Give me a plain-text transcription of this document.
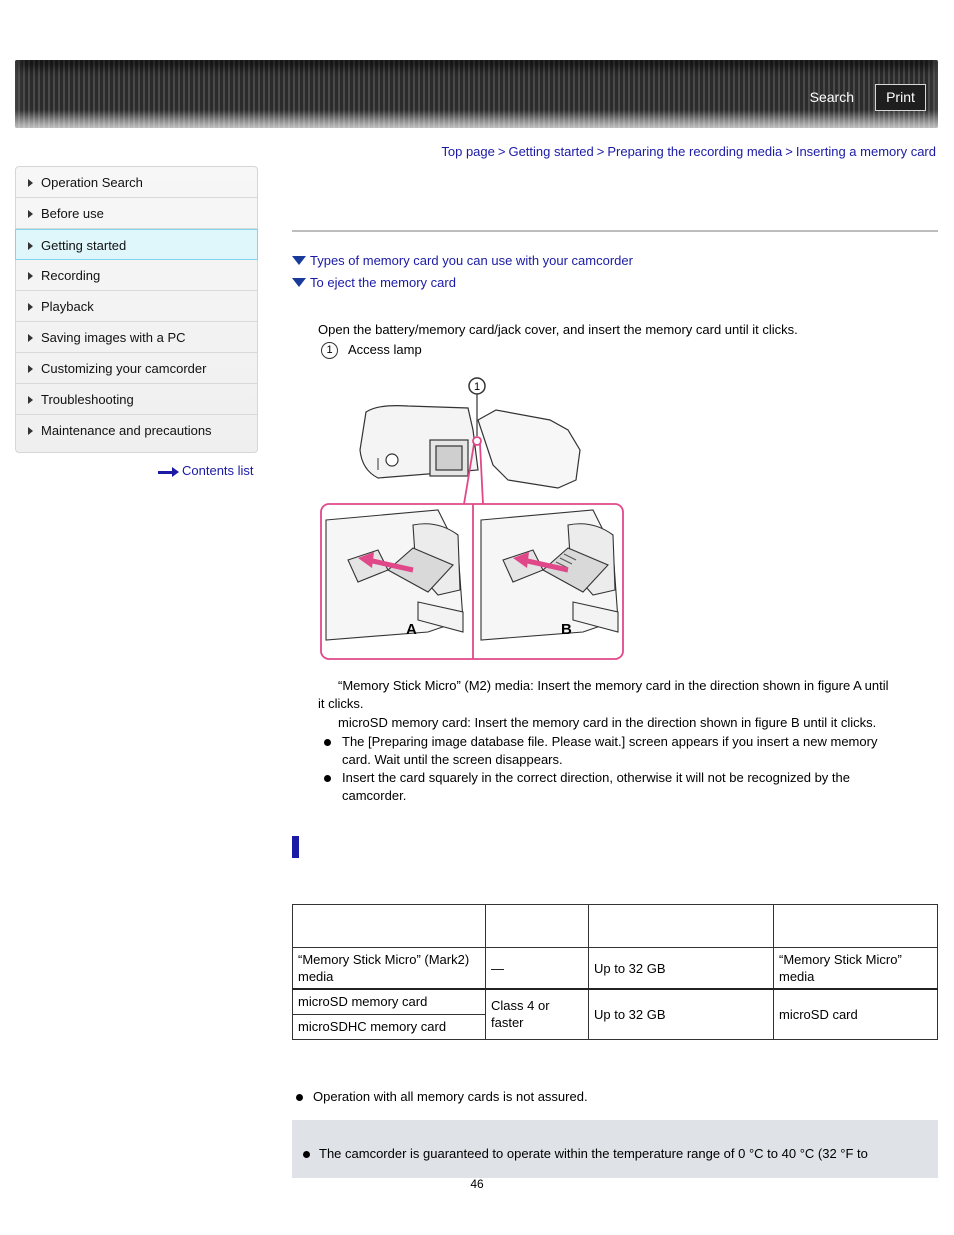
Search	Print
Top page > Getting started > Preparing the recording media > Inserting a memory card
Operation Search
Before use
Getting started
Recording
Playback
Saving images with a PC
Customizing your camcorder
Troubleshooting
Maintenance and precautions
Contents list
Types of memory card you can use with your camcorder
To eject the memory card
Open the battery/memory card/jack cover, and insert the memory card until it clicks.
1 Access lamp
1
A	B
“Memory Stick Micro” (M2) media: Insert the memory card in the direction shown in figure A until
it clicks.
microSD memory card: Insert the memory card in the direction shown in figure B until it clicks.
The [Preparing image database file. Please wait.] screen appears if you insert a new memory
card. Wait until the screen disappears.
Insert the card squarely in the correct direction, otherwise it will not be recognized by the
camcorder.

“Memory Stick Micro” (Mark2) media	—	Up to 32 GB	“Memory Stick Micro” media
microSD memory card	Class 4 or faster	Up to 32 GB	microSD card
microSDHC memory card			
Operation with all memory cards is not assured.
The camcorder is guaranteed to operate within the temperature range of 0 °C to 40 °C (32 °F to
46
